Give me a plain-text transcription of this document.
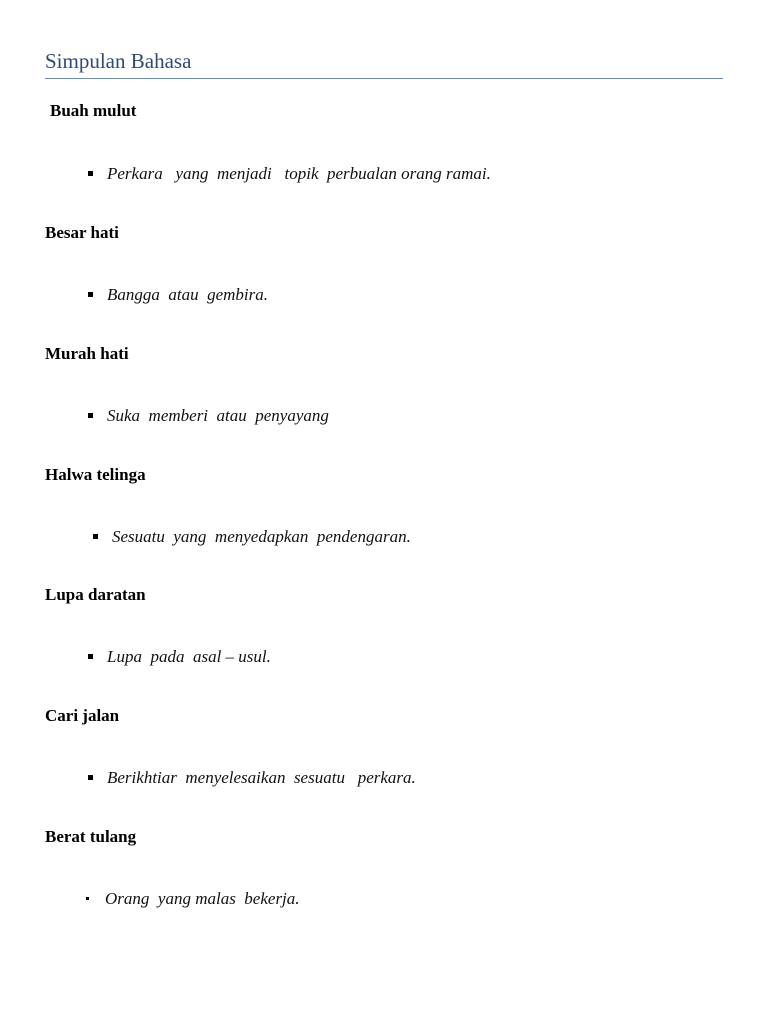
Simpulan Bahasa
Buah mulut

Perkara   yang  menjadi   topik  perbualan orang ramai.

Besar hati

Bangga  atau  gembira.

Murah hati

Suka  memberi  atau  penyayang

Halwa telinga

Sesuatu  yang  menyedapkan  pendengaran.

Lupa daratan

Lupa  pada  asal – usul.

Cari jalan

Berikhtiar  menyelesaikan  sesuatu   perkara.

Berat tulang

Orang  yang malas  bekerja.
